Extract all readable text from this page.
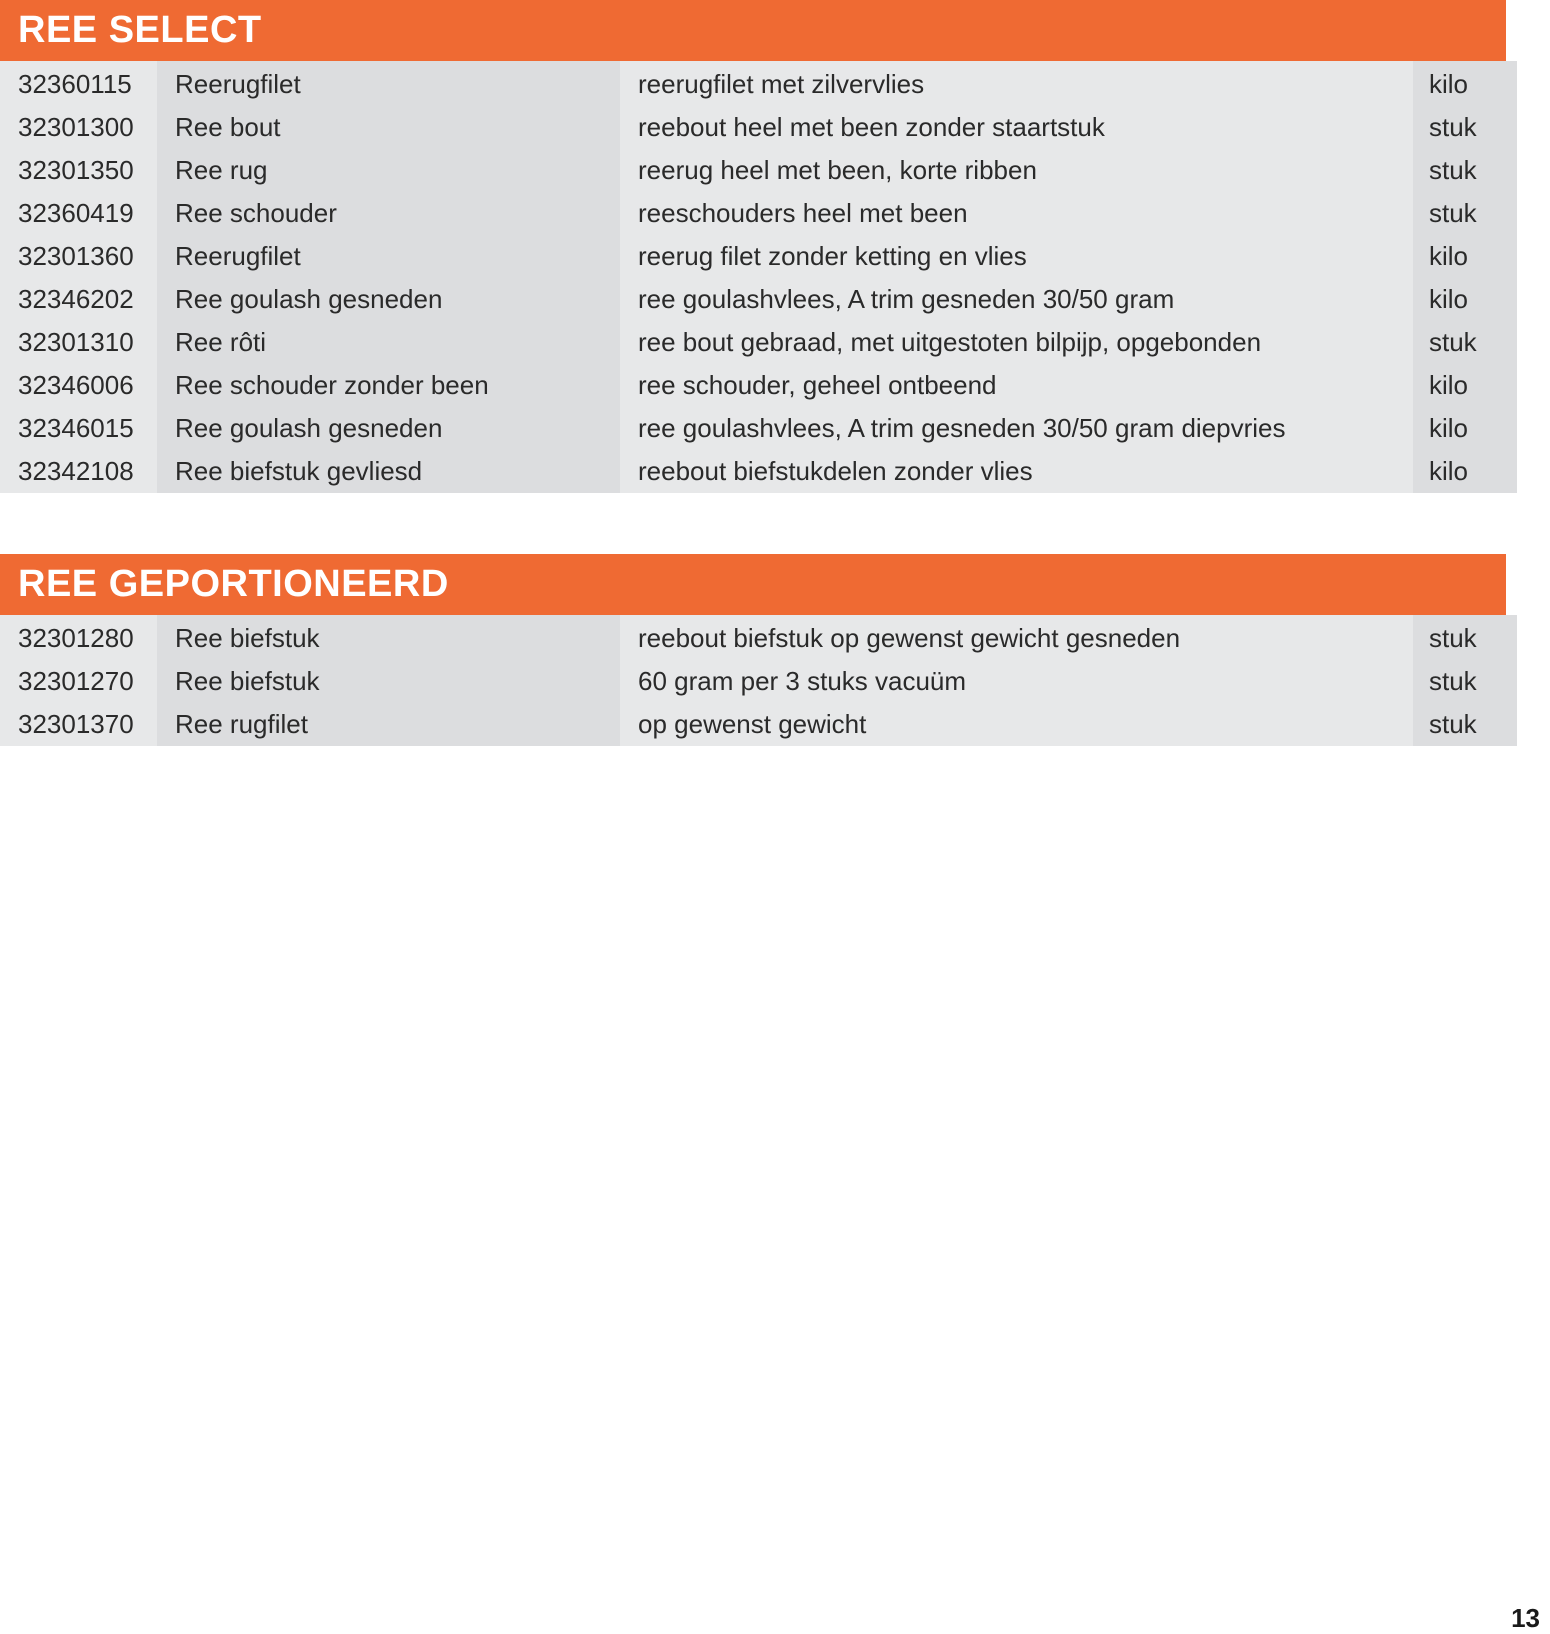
REE SELECT
32360115	Reerugfilet	reerugfilet met zilvervlies	kilo
32301300	Ree bout	reebout heel met been zonder staartstuk	stuk
32301350	Ree rug	reerug heel met been, korte ribben	stuk
32360419	Ree schouder	reeschouders heel met been	stuk
32301360	Reerugfilet	reerug filet zonder ketting en vlies	kilo
32346202	Ree goulash gesneden	ree goulashvlees, A trim gesneden 30/50 gram	kilo
32301310	Ree rôti	ree bout gebraad, met uitgestoten bilpijp, opgebonden	stuk
32346006	Ree schouder zonder been	ree schouder, geheel ontbeend	kilo
32346015	Ree goulash gesneden	ree goulashvlees, A trim gesneden 30/50 gram diepvries	kilo
32342108	Ree biefstuk gevliesd	reebout biefstukdelen zonder vlies	kilo
REE GEPORTIONEERD
32301280	Ree biefstuk	reebout biefstuk op gewenst gewicht gesneden	stuk
32301270	Ree biefstuk	60 gram per 3 stuks vacuüm	stuk
32301370	Ree rugfilet	op gewenst gewicht	stuk
13
